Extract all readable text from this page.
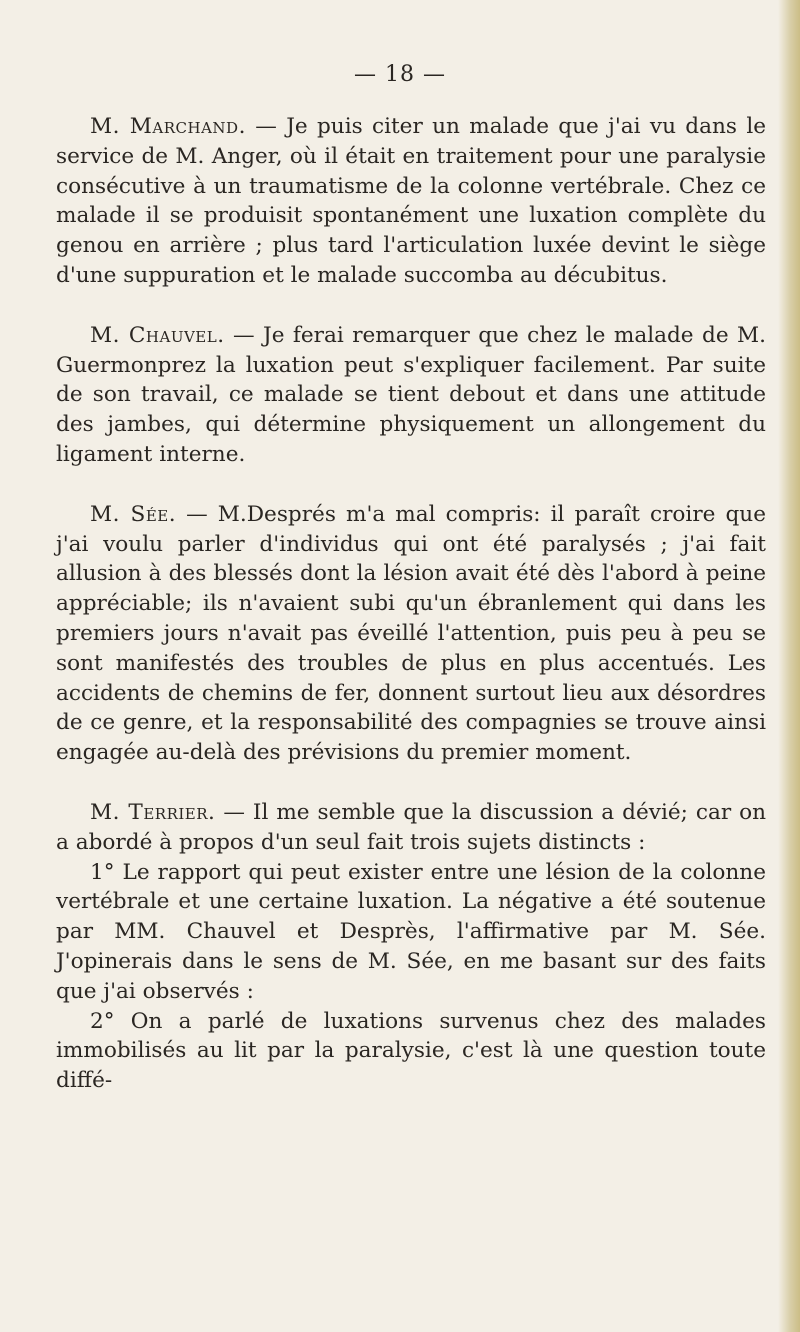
— 18 —

M. Marchand. — Je puis citer un malade que j'ai vu dans le service de M. Anger, où il était en traitement pour une paralysie consécutive à un traumatisme de la colonne vertébrale. Chez ce malade il se produisit spontanément une luxation complète du genou en arrière ; plus tard l'articulation luxée devint le siège d'une suppuration et le malade succomba au décubitus.

M. Chauvel. — Je ferai remarquer que chez le malade de M. Guermonprez la luxation peut s'expliquer facilement. Par suite de son travail, ce malade se tient debout et dans une attitude des jambes, qui détermine physiquement un allongement du ligament interne.

M. Sée. — M.Després m'a mal compris: il paraît croire que j'ai voulu parler d'individus qui ont été paralysés ; j'ai fait allusion à des blessés dont la lésion avait été dès l'abord à peine appréciable; ils n'avaient subi qu'un ébranlement qui dans les premiers jours n'avait pas éveillé l'attention, puis peu à peu se sont manifestés des troubles de plus en plus accentués. Les accidents de chemins de fer, donnent surtout lieu aux désordres de ce genre, et la responsabilité des compagnies se trouve ainsi engagée au-delà des prévisions du premier moment.

M. Terrier. — Il me semble que la discussion a dévié; car on a abordé à propos d'un seul fait trois sujets distincts :

1° Le rapport qui peut exister entre une lésion de la colonne vertébrale et une certaine luxation. La négative a été soutenue par MM. Chauvel et Desprès, l'affirmative par M. Sée. J'opinerais dans le sens de M. Sée, en me basant sur des faits que j'ai observés :

2° On a parlé de luxations survenus chez des malades immobilisés au lit par la paralysie, c'est là une question toute diffé-
